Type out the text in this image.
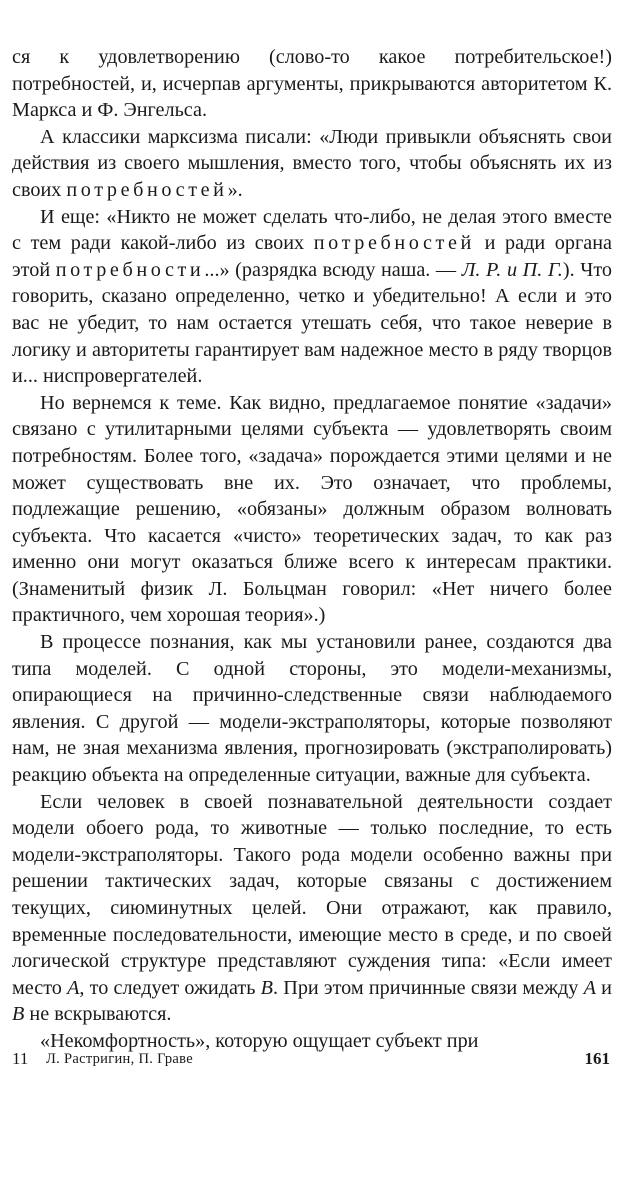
ся к удовлетворению (слово-то какое потребительское!) потребностей, и, исчерпав аргументы, прикрываются авторитетом К. Маркса и Ф. Энгельса.

А классики марксизма писали: «Люди привыкли объяснять свои действия из своего мышления, вместо того, чтобы объяснять их из своих потребностей».

И еще: «Никто не может сделать что-либо, не делая этого вместе с тем ради какой-либо из своих потребностей и ради органа этой потребности...» (разрядка всюду наша. — Л. Р. и П. Г.). Что говорить, сказано определенно, четко и убедительно! А если и это вас не убедит, то нам остается утешать себя, что такое неверие в логику и авторитеты гарантирует вам надежное место в ряду творцов и... ниспровергателей.

Но вернемся к теме. Как видно, предлагаемое понятие «задачи» связано с утилитарными целями субъекта — удовлетворять своим потребностям. Более того, «задача» порождается этими целями и не может существовать вне их. Это означает, что проблемы, подлежащие решению, «обязаны» должным образом волновать субъекта. Что касается «чисто» теоретических задач, то как раз именно они могут оказаться ближе всего к интересам практики. (Знаменитый физик Л. Больцман говорил: «Нет ничего более практичного, чем хорошая теория».)

В процессе познания, как мы установили ранее, создаются два типа моделей. С одной стороны, это модели-механизмы, опирающиеся на причинно-следственные связи наблюдаемого явления. С другой — модели-экстраполяторы, которые позволяют нам, не зная механизма явления, прогнозировать (экстраполировать) реакцию объекта на определенные ситуации, важные для субъекта.

Если человек в своей познавательной деятельности создает модели обоего рода, то животные — только последние, то есть модели-экстраполяторы. Такого рода модели особенно важны при решении тактических задач, которые связаны с достижением текущих, сиюминутных целей. Они отражают, как правило, временные последовательности, имеющие место в среде, и по своей логической структуре представляют суждения типа: «Если имеет место А, то следует ожидать В. При этом причинные связи между А и В не вскрываются.

«Некомфортность», которую ощущает субъект при

11 Л. Растригин, П. Граве	161
